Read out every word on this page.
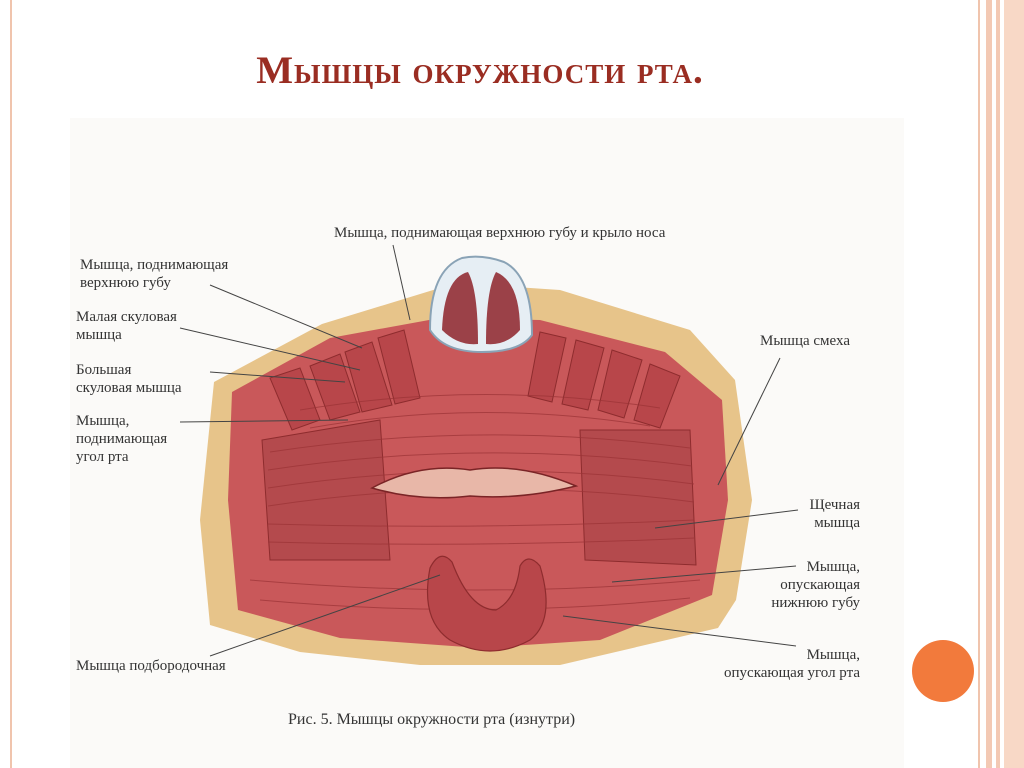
Мышцы окружности рта.
Мышца, поднимающая верхнюю губу и крыло носа
Мышца, поднимающая
верхнюю губу
Малая скуловая
мышца
Большая
скуловая мышца
Мышца,
поднимающая
угол рта
Мышца смеха
Щечная
мышца
Мышца,
опускающая
нижнюю губу
Мышца,
опускающая угол рта
Мышца подбородочная
Рис. 5. Мышцы окружности рта (изнутри)
